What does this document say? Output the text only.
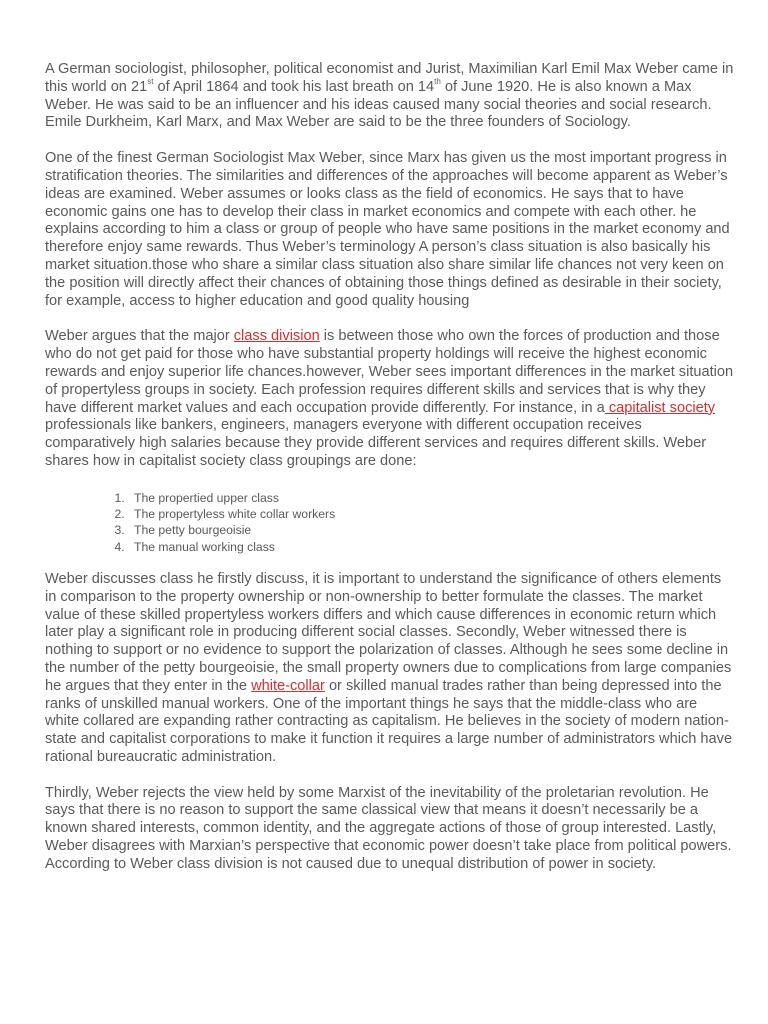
A German sociologist, philosopher, political economist and Jurist, Maximilian Karl Emil Max Weber came in this world on 21st of April 1864 and took his last breath on 14th of June 1920. He is also known a Max Weber. He was said to be an influencer and his ideas caused many social theories and social research. Emile Durkheim, Karl Marx, and Max Weber are said to be the three founders of Sociology.

One of the finest German Sociologist Max Weber, since Marx has given us the most important progress in stratification theories. The similarities and differences of the approaches will become apparent as Weber’s ideas are examined. Weber assumes or looks class as the field of economics. He says that to have economic gains one has to develop their class in market economics and compete with each other. he explains according to him a class or group of people who have same positions in the market economy and therefore enjoy same rewards. Thus Weber’s terminology A person’s class situation is also basically his market situation.those who share a similar class situation also share similar life chances not very keen on the position will directly affect their chances of obtaining those things defined as desirable in their society, for example, access to higher education and good quality housing

Weber argues that the major class division is between those who own the forces of production and those who do not get paid for those who have substantial property holdings will receive the highest economic rewards and enjoy superior life chances.however, Weber sees important differences in the market situation of propertyless groups in society. Each profession requires different skills and services that is why they have different market values and each occupation provide differently. For instance, in a capitalist society professionals like bankers, engineers, managers everyone with different occupation receives comparatively high salaries because they provide different services and requires different skills. Weber shares how in capitalist society class groupings are done:

1. The propertied upper class
2. The propertyless white collar workers
3. The petty bourgeoisie
4. The manual working class

Weber discusses class he firstly discuss, it is important to understand the significance of others elements in comparison to the property ownership or non-ownership to better formulate the classes. The market value of these skilled propertyless workers differs and which cause differences in economic return which later play a significant role in producing different social classes. Secondly, Weber witnessed there is nothing to support or no evidence to support the polarization of classes. Although he sees some decline in the number of the petty bourgeoisie, the small property owners due to complications from large companies he argues that they enter in the white-collar or skilled manual trades rather than being depressed into the ranks of unskilled manual workers. One of the important things he says that the middle-class who are white collared are expanding rather contracting as capitalism. He believes in the society of modern nation-state and capitalist corporations to make it function it requires a large number of administrators which have rational bureaucratic administration.

Thirdly, Weber rejects the view held by some Marxist of the inevitability of the proletarian revolution. He says that there is no reason to support the same classical view that means it doesn’t necessarily be a known shared interests, common identity, and the aggregate actions of those of group interested. Lastly, Weber disagrees with Marxian’s perspective that economic power doesn’t take place from political powers. According to Weber class division is not caused due to unequal distribution of power in society.
